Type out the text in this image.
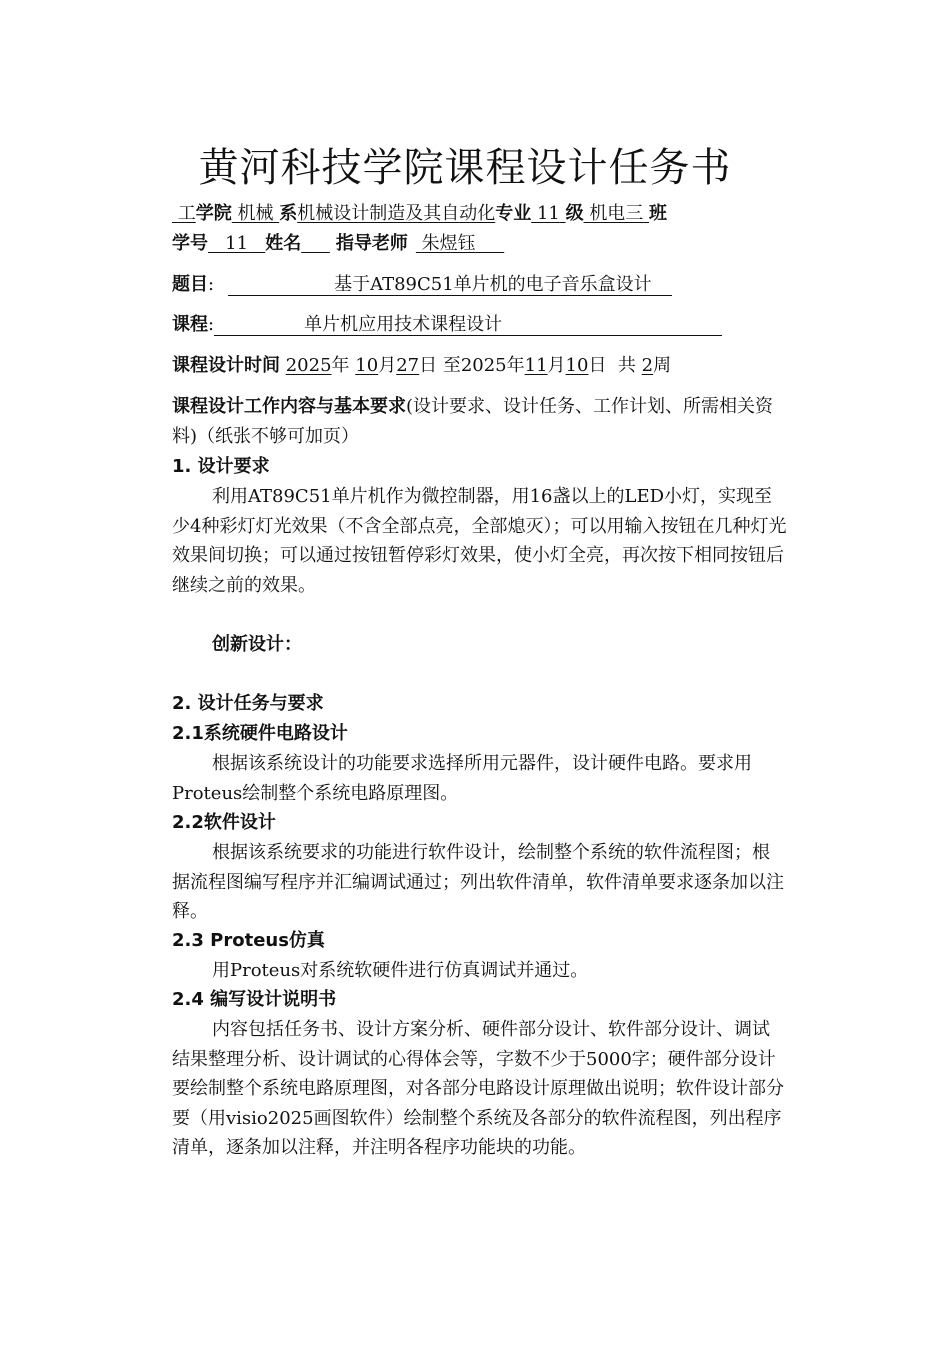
黄河科技学院课程设计任务书
工学院 机械 系机械设计制造及其自动化专业 11 级 机电三 班
学号 11 姓名 指导老师 朱煜钰
题目:	基于AT89C51单片机的电子音乐盒设计
课程:	单片机应用技术课程设计
课程设计时间 2025年 10月27日 至2025年11月10日 共 2周
课程设计工作内容与基本要求(设计要求、设计任务、工作计划、所需相关资料)（纸张不够可加页）
1. 设计要求
利用AT89C51单片机作为微控制器，用16盏以上的LED小灯，实现至少4种彩灯灯光效果（不含全部点亮，全部熄灭）；可以用输入按钮在几种灯光效果间切换；可以通过按钮暂停彩灯效果，使小灯全亮，再次按下相同按钮后继续之前的效果。
创新设计：
2. 设计任务与要求
2.1系统硬件电路设计
根据该系统设计的功能要求选择所用元器件，设计硬件电路。要求用Proteus绘制整个系统电路原理图。
2.2软件设计
根据该系统要求的功能进行软件设计，绘制整个系统的软件流程图；根据流程图编写程序并汇编调试通过；列出软件清单，软件清单要求逐条加以注释。
2.3 Proteus仿真
用Proteus对系统软硬件进行仿真调试并通过。
2.4 编写设计说明书
内容包括任务书、设计方案分析、硬件部分设计、软件部分设计、调试结果整理分析、设计调试的心得体会等，字数不少于5000字；硬件部分设计要绘制整个系统电路原理图，对各部分电路设计原理做出说明；软件设计部分要（用visio2025画图软件）绘制整个系统及各部分的软件流程图，列出程序清单，逐条加以注释，并注明各程序功能块的功能。
